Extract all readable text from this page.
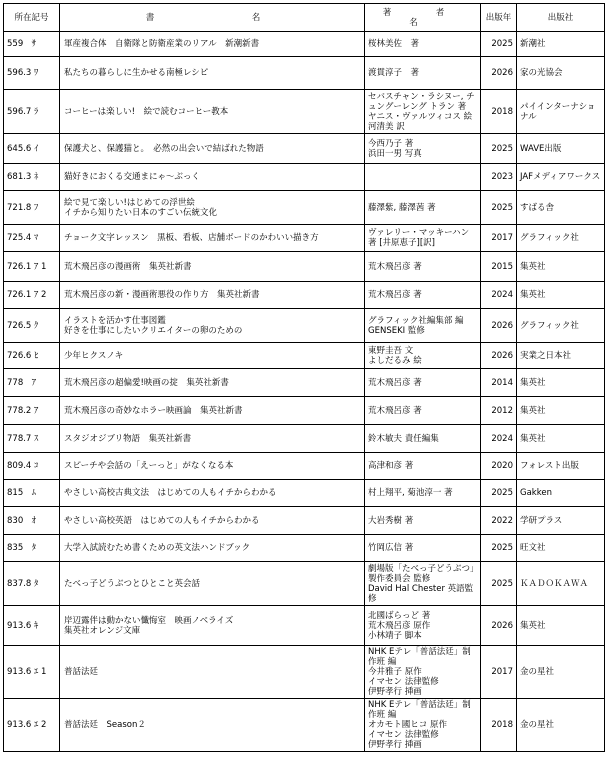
所在記号	書　　　名	著　者　名	出版年	出版社
559　ｻ	軍産複合体　自衛隊と防衛産業のリアル　新潮新書	桜林美佐　著	2025	新潮社
596.3 ﾜ	私たちの暮らしに生かせる南極レシピ	渡貫淳子　著	2026	家の光協会
596.7 ﾗ	コーヒーは楽しい!　絵で読むコーヒー教本	セバスチャン・ラシヌー, チュングーレング トラン 著
ヤニス・ヴァルツィコス 絵
河清美 訳	2018	パイインターナショナル
645.6 ｲ	保護犬と、保護猫と。　必然の出会いで結ばれた物語	今西乃子 著
浜田一男 写真	2025	WAVE出版
681.3 ﾈ	猫好きにおくる交通まにゃ～ぶっく		2023	JAFメディアワークス
721.8 ﾌ	絵で見て楽しい!はじめての浮世絵
イチから知りたい日本のすごい伝統文化	藤澤紫, 藤澤茜 著	2025	すばる舎
725.4 ﾏ	チョーク文字レッスン　黒板、看板、店舗ボードのかわいい描き方	ヴァレリー・マッキーハン 著 [井原恵子][訳]	2017	グラフィック社
726.1 ｱ 1	荒木飛呂彦の漫画術　集英社新書	荒木飛呂彦 著	2015	集英社
726.1 ｱ 2	荒木飛呂彦の新・漫画術悪役の作り方　集英社新書	荒木飛呂彦 著	2024	集英社
726.5 ｸ	イラストを活かす仕事図鑑
好きを仕事にしたいクリエイターの卵のための	グラフィック社編集部 編
GENSEKI 監修	2026	グラフィック社
726.6 ﾋ	少年ヒクスノキ	東野圭吾 文
よしだるみ 絵	2026	実業之日本社
778　ｱ	荒木飛呂彦の超偏愛!映画の掟　集英社新書	荒木飛呂彦 著	2014	集英社
778.2 ｱ	荒木飛呂彦の奇妙なホラー映画論　集英社新書	荒木飛呂彦 著	2012	集英社
778.7 ｽ	スタジオジブリ物語　集英社新書	鈴木敏夫 責任編集	2024	集英社
809.4 ｺ	スピーチや会話の「えーっと」がなくなる本	高津和彦 著	2020	フォレスト出版
815　ﾑ	やさしい高校古典文法　はじめての人もイチからわかる	村上翔平, 菊池淳一 著	2025	Gakken
830　ｵ	やさしい高校英語　はじめての人もイチからわかる	大岩秀樹 著	2022	学研プラス
835　ﾀ	大学入試読むため書くための英文法ハンドブック	竹岡広信 著	2025	旺文社
837.8 ﾀ	たべっ子どうぶつとひとこと英会話	劇場版「たべっ子どうぶつ」製作委員会 監修
David Hal Chester 英語監修	2025	ＫＡＤＯＫＡＷＡ
913.6 ｷ	岸辺露伴は動かない懺悔室　映画ノベライズ
集英社オレンジ文庫	北國ばらっど 著
荒木飛呂彦 原作
小林靖子 脚本	2026	集英社
913.6 ｴ 1	普話法廷	NHK Eテレ「普話法廷」制作班 編
今井雅子 原作
イマセン 法律監修
伊野孝行 挿画	2017	金の星社
913.6 ｴ 2	普話法廷　Season２	NHK Eテレ「普話法廷」制作班 編
オカモト國ヒコ 原作
イマセン 法律監修
伊野孝行 挿画	2018	金の星社
